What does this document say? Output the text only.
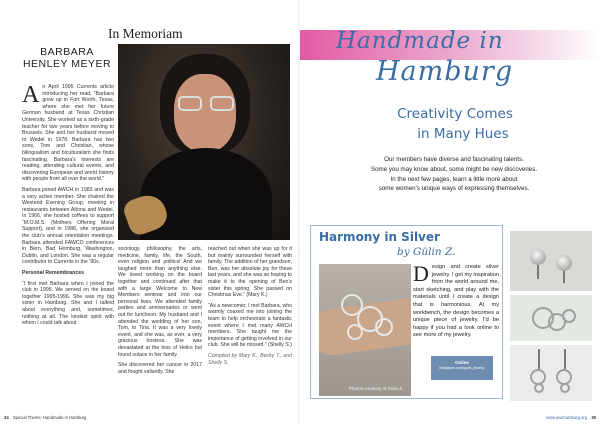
In Memoriam
BARBARA HENLEY MEYER

An April 1995 Currents article introducing her read, “Barbara grew up in Fort Worth, Texas, where she met her future German husband at Texas Christian University. She worked as a sixth-grade teacher for two years before moving to Brussels. She and her husband moved to Wedel in 1978. Barbara has two sons, Tom and Christian, whose bilingualism and biculturalism she finds fascinating. Barbara’s interests are reading, attending cultural events, and discovering European and world history with people from all over the world.”

Barbara joined AWCH in 1983 and was a very active member. She chaired the Westend Evening Group, meeting in restaurants between Altona and Wedel. In 1966, she hosted coffees to support “M.O.M.S. (Mothers Offering Moral Support), and in 1988, she organized the club’s annual orientation meetings. Barbara attended FAWCO conferences in Bern, Bad Homburg, Washington, Dublin, and London. She was a regular contributor to Currents in the ’90s.

Personal Remembrances

“I first met Barbara when I joined the club in 1995. We served on the board together 1995-1996. She was my big sister in Hamburg. She and I talked about everything and, sometimes, nothing at all. The kindest spirit with whom I could talk about

sociology, philosophy, the arts, medicine, family, life, the South, even religion and politics! And we laughed more than anything else. We loved working on the board together and continued after that with a large Welcome to New Members seminar and into our personal lives. We attended family parties and anniversaries or went out for luncheon. My husband and I attended the wedding of her son, Tom, to Tina. It was a very lovely event, and she was, as ever, a very gracious hostess. She was devastated at the loss of Heiko but found solace in her family.

She discovered her cancer in 2017 and fought valiantly. She

reached out when she was up for it but mainly surrounded herself with family. The addition of her grandson, Ben, was her absolute joy for these last years, and she was so hoping to make it to the opening of Ben’s sister this spring. She passed on Christmas Eve.” (Mary K.)

“As a newcomer, I met Barbara, who warmly coaxed me into joining the team to help orchestrate a fantastic event where I met many AWCH members. She taught me the importance of getting involved in our club. She will be missed.” (Shelly S.)

Compiled by Mary K., Becky T., and Shelly S.

34 Special Theme: Handmade in Hamburg
Handmade in
Hamburg
Creativity Comes
in Many Hues
Our members have diverse and fascinating talents.
Some you may know about, some might be new discoveries.
In the next few pages, learn a little more about
some women’s unique ways of expressing themselves.
Harmony in Silver
by Gülin Z.
Photos courtesy of Gülin Z.
Design and create silver jewelry. I get my inspiration from the world around me, start sketching, and play with the materials until I create a design that is harmonious. At my workbench, the design becomes a unique piece of jewelry. I’d be happy if you had a look online to see more of my jewelry.
Online
instagram.com/gulin_jewelry
www.awchamburg.org 35
